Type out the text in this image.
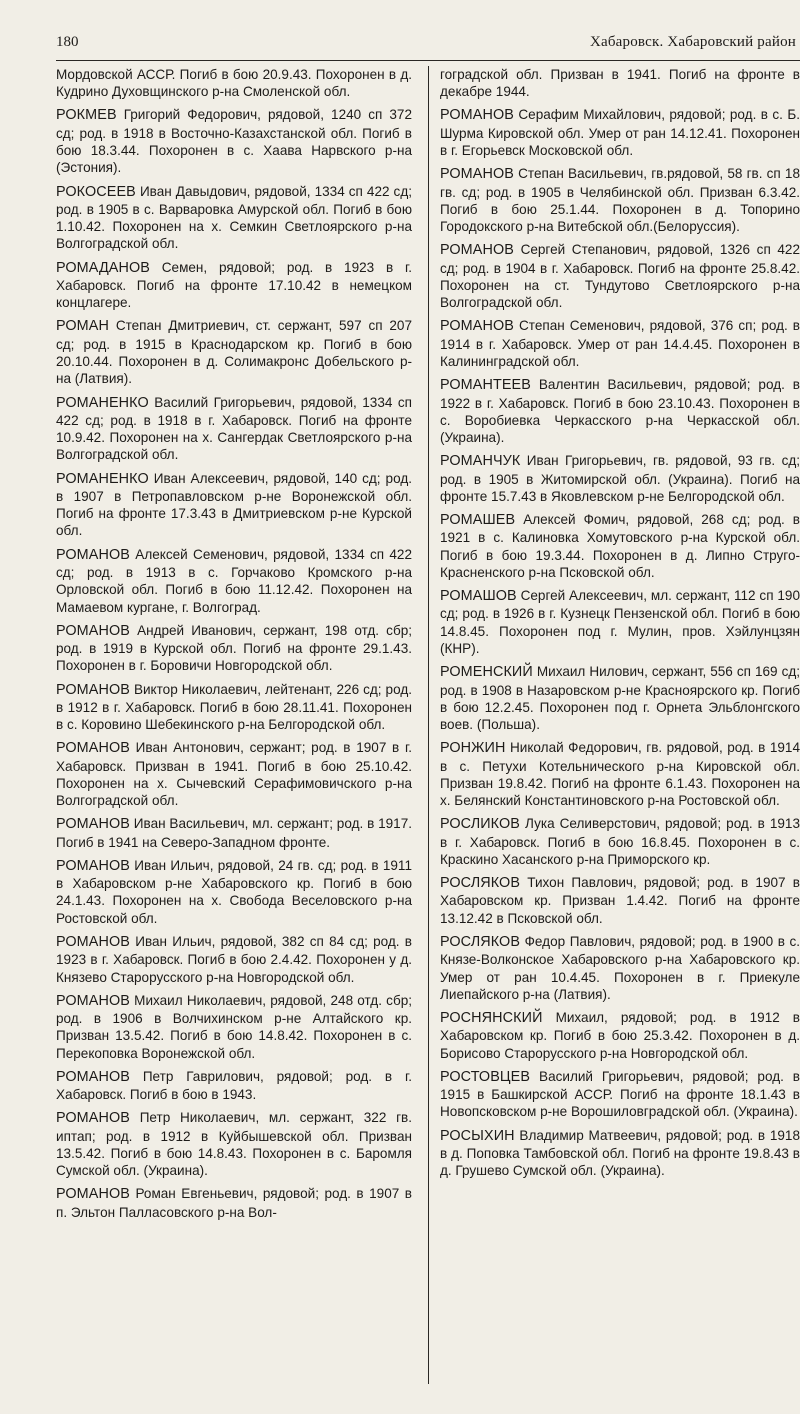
180	Хабаровск. Хабаровский район

Мордовской АССР. Погиб в бою 20.9.43. Похоронен в д. Кудрино Духовщинского р-на Смоленской обл.

РОКМЕВ Григорий Федорович, рядовой, 1240 сп 372 сд; род. в 1918 в Восточно-Казахстанской обл. Погиб в бою 18.3.44. Похоронен в с. Хаава Нарвского р-на (Эстония).

РОКОСЕЕВ Иван Давыдович, рядовой, 1334 сп 422 сд; род. в 1905 в с. Варваровка Амурской обл. Погиб в бою 1.10.42. Похоронен на х. Семкин Светлоярского р-на Волгоградской обл.

РОМАДАНОВ Семен, рядовой; род. в 1923 в г. Хабаровск. Погиб на фронте 17.10.42 в немецком концлагере.

РОМАН Степан Дмитриевич, ст. сержант, 597 сп 207 сд; род. в 1915 в Краснодарском кр. Погиб в бою 20.10.44. Похоронен в д. Солимакронс Добельского р-на (Латвия).

РОМАНЕНКО Василий Григорьевич, рядовой, 1334 сп 422 сд; род. в 1918 в г. Хабаровск. Погиб на фронте 10.9.42. Похоронен на х. Сангердак Светлоярского р-на Волгоградской обл.

РОМАНЕНКО Иван Алексеевич, рядовой, 140 сд; род. в 1907 в Петропавловском р-не Воронежской обл. Погиб на фронте 17.3.43 в Дмитриевском р-не Курской обл.

РОМАНОВ Алексей Семенович, рядовой, 1334 сп 422 сд; род. в 1913 в с. Горчаково Кромского р-на Орловской обл. Погиб в бою 11.12.42. Похоронен на Мамаевом кургане, г. Волгоград.

РОМАНОВ Андрей Иванович, сержант, 198 отд. сбр; род. в 1919 в Курской обл. Погиб на фронте 29.1.43. Похоронен в г. Боровичи Новгородской обл.

РОМАНОВ Виктор Николаевич, лейтенант, 226 сд; род. в 1912 в г. Хабаровск. Погиб в бою 28.11.41. Похоронен в с. Коровино Шебекинского р-на Белгородской обл.

РОМАНОВ Иван Антонович, сержант; род. в 1907 в г. Хабаровск. Призван в 1941. Погиб в бою 25.10.42. Похоронен на х. Сычевский Серафимовичского р-на Волгоградской обл.

РОМАНОВ Иван Васильевич, мл. сержант; род. в 1917. Погиб в 1941 на Северо-Западном фронте.

РОМАНОВ Иван Ильич, рядовой, 24 гв. сд; род. в 1911 в Хабаровском р-не Хабаровского кр. Погиб в бою 24.1.43. Похоронен на х. Свобода Веселовского р-на Ростовской обл.

РОМАНОВ Иван Ильич, рядовой, 382 сп 84 сд; род. в 1923 в г. Хабаровск. Погиб в бою 2.4.42. Похоронен у д. Князево Старорусского р-на Новгородской обл.

РОМАНОВ Михаил Николаевич, рядовой, 248 отд. сбр; род. в 1906 в Волчихинском р-не Алтайского кр. Призван 13.5.42. Погиб в бою 14.8.42. Похоронен в с. Перекоповка Воронежской обл.

РОМАНОВ Петр Гаврилович, рядовой; род. в г. Хабаровск. Погиб в бою в 1943.

РОМАНОВ Петр Николаевич, мл. сержант, 322 гв. иптап; род. в 1912 в Куйбышевской обл. Призван 13.5.42. Погиб в бою 14.8.43. Похоронен в с. Баромля Сумской обл. (Украина).

РОМАНОВ Роман Евгеньевич, рядовой; род. в 1907 в п. Эльтон Палласовского р-на Вол-

гоградской обл. Призван в 1941. Погиб на фронте в декабре 1944.

РОМАНОВ Серафим Михайлович, рядовой; род. в с. Б. Шурма Кировской обл. Умер от ран 14.12.41. Похоронен в г. Егорьевск Московской обл.

РОМАНОВ Степан Васильевич, гв.рядовой, 58 гв. сп 18 гв. сд; род. в 1905 в Челябинской обл. Призван 6.3.42. Погиб в бою 25.1.44. Похоронен в д. Топорино Городокского р-на Витебской обл.(Белоруссия).

РОМАНОВ Сергей Степанович, рядовой, 1326 сп 422 сд; род. в 1904 в г. Хабаровск. Погиб на фронте 25.8.42. Похоронен на ст. Тундутово Светлоярского р-на Волгоградской обл.

РОМАНОВ Степан Семенович, рядовой, 376 сп; род. в 1914 в г. Хабаровск. Умер от ран 14.4.45. Похоронен в Калининградской обл.

РОМАНТЕЕВ Валентин Васильевич, рядовой; род. в 1922 в г. Хабаровск. Погиб в бою 23.10.43. Похоронен в с. Воробиевка Черкасского р-на Черкасской обл. (Украина).

РОМАНЧУК Иван Григорьевич, гв. рядовой, 93 гв. сд; род. в 1905 в Житомирской обл. (Украина). Погиб на фронте 15.7.43 в Яковлевском р-не Белгородской обл.

РОМАШЕВ Алексей Фомич, рядовой, 268 сд; род. в 1921 в с. Калиновка Хомутовского р-на Курской обл. Погиб в бою 19.3.44. Похоронен в д. Липно Струго-Красненского р-на Псковской обл.

РОМАШОВ Сергей Алексеевич, мл. сержант, 112 сп 190 сд; род. в 1926 в г. Кузнецк Пензенской обл. Погиб в бою 14.8.45. Похоронен под г. Мулин, пров. Хэйлунцзян (КНР).

РОМЕНСКИЙ Михаил Нилович, сержант, 556 сп 169 сд; род. в 1908 в Назаровском р-не Красноярского кр. Погиб в бою 12.2.45. Похоронен под г. Орнета Эльблонгского воев. (Польша).

РОНЖИН Николай Федорович, гв. рядовой, род. в 1914 в с. Петухи Котельнического р-на Кировской обл. Призван 19.8.42. Погиб на фронте 6.1.43. Похоронен на х. Белянский Константиновского р-на Ростовской обл.

РОСЛИКОВ Лука Селиверстович, рядовой; род. в 1913 в г. Хабаровск. Погиб в бою 16.8.45. Похоронен в с. Краскино Хасанского р-на Приморского кр.

РОСЛЯКОВ Тихон Павлович, рядовой; род. в 1907 в Хабаровском кр. Призван 1.4.42. Погиб на фронте 13.12.42 в Псковской обл.

РОСЛЯКОВ Федор Павлович, рядовой; род. в 1900 в с. Князе-Волконское Хабаровского р-на Хабаровского кр. Умер от ран 10.4.45. Похоронен в г. Приекуле Лиепайского р-на (Латвия).

РОСНЯНСКИЙ Михаил, рядовой; род. в 1912 в Хабаровском кр. Погиб в бою 25.3.42. Похоронен в д. Борисово Старорусского р-на Новгородской обл.

РОСТОВЦЕВ Василий Григорьевич, рядовой; род. в 1915 в Башкирской АССР. Погиб на фронте 18.1.43 в Новопсковском р-не Ворошиловградской обл. (Украина).

РОСЫХИН Владимир Матвеевич, рядовой; род. в 1918 в д. Поповка Тамбовской обл. Погиб на фронте 19.8.43 в д. Грушево Сумской обл. (Украина).
